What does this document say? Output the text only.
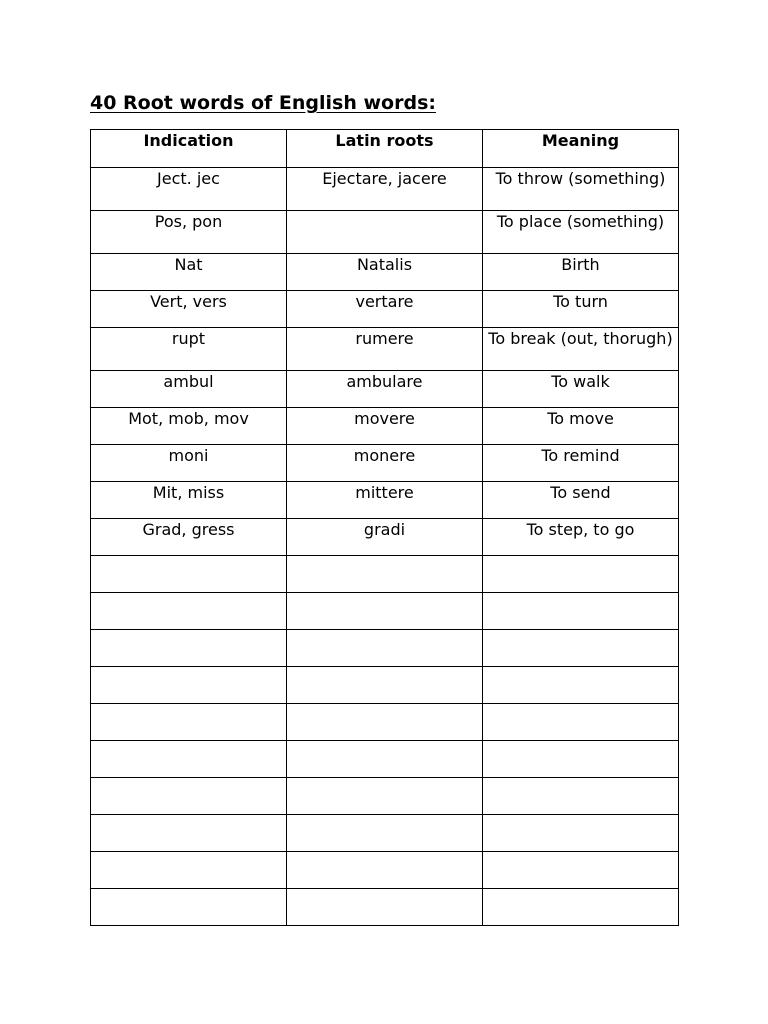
40 Root words of English words:
Indication	Latin roots	Meaning
Ject. jec	Ejectare, jacere	To throw (something)
Pos, pon		To place (something)
Nat	Natalis	Birth
Vert, vers	vertare	To turn
rupt	rumere	To break (out, thorugh)
ambul	ambulare	To walk
Mot, mob, mov	movere	To move
moni	monere	To remind
Mit, miss	mittere	To send
Grad, gress	gradi	To step, to go
